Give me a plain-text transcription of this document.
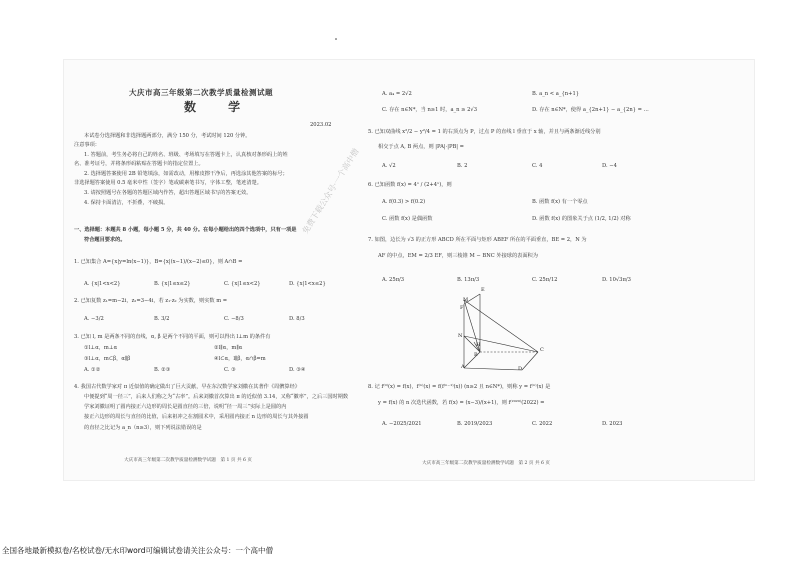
大庆市高三年级第二次教学质量检测试题
数 学
2023.02
本试卷分选择题和非选择题两部分，满分 150 分，考试时间 120 分钟。
注意事项：
1. 答题前，考生务必将自己的姓名、班级、考场填写在答题卡上，认真核对条形码上的姓
名、准考证号，并将条形码粘贴在答题卡的指定位置上。
2. 选择题答案使用 2B 铅笔填涂，如需改动，用橡皮擦干净后，再选涂其他答案的标号；
非选择题答案使用 0.5 毫米中性（签字）笔或碳素笔书写，字体工整，笔迹清楚。
3. 请按照题号在各题的答题区域内作答，超出答题区域书写的答案无效。
4. 保持卡面清洁，不折叠，不破损。
一、选择题：本题共 8 小题，每小题 5 分，共 40 分。在每小题给出的四个选项中，只有一项是
符合题目要求的。
1. 已知集合 A={x|y=ln(x−1)}，B={x|(x−1)/(x−2)≤0}，则 A∩B =
A. {x|1<x<2}	B. {x|1≤x≤2}	C. {x|1≤x<2}	D. {x|1<x≤2}
2. 已知复数 z₁=m−2i，z₂=3−4i，若 z₁·z₂ 为实数，则实数 m =
A. −3/2	B. 3/2	C. −8/3	D. 8/3
3. 已知 l, m 是两条不同的直线，α, β 是两个不同的平面，则可以得出 l⊥m 的条件有
①l⊥α，m⊥α	②l∥α，m∥α
③l⊥α，m⊂β，α∥β	④l⊂α，l∥β，α∩β=m
A. ①②	B. ②③	C. ③	D. ③④
4. 我国古代数学家对 π 近似值的确定做出了巨大贡献，早在东汉数学家刘徽在其著作《周髀算经》
中便提到“周一径三”，后来人们称之为“古率”。后来刘徽首次算出 π 的近似值 3.14，又称“徽率”，之后三国时期数
学家刘徽证明了圆内接正六边形的周长是圆直径的三倍，说明“径一周三”实际上是圆的内
接正六边形的周长与直径的比值，后来祖冲之在割圆术中，采用圆内接正 n 边形的周长与其外接圆
的直径之比记为 a_n（n≥3），则下列说法错误的是
大庆市高三年级第二次教学质量检测数学试题　第 1 页 共 6 页
A. a₄ = 2√2	B. a_n < a_{n+1}
C. 存在 n∈N*，当 n≥1 时，a_n ≥ 2√3	D. 存在 n∈N*，使得 a_{2n+1} − a_{2n} = …
5. 已知双曲线 x²/2 − y²/4 = 1 的右顶点为 P，过点 P 的直线 l 垂直于 x 轴，并且与两条渐近线分别
相交于点 A, B 两点，则 |PA|·|PB| =
A. √2	B. 2	C. 4	D. −4
6. 已知函数 f(x) = 4ˣ / (2+4ˣ)，则
A. f(0.3) > f(0.2)	B. 函数 f(x) 有一个零点
C. 函数 f(x) 是偶函数	D. 函数 f(x) 的图象关于点 (1/2, 1/2) 对称
7. 如图，边长为 √3 的正方形 ABCD 所在平面与矩形 ABEF 所在的平面垂直，BE = 2，N 为
AF 的中点，EM = 2/3 EF，则三棱锥 M − BNC 外接球的表面积为
A. 25π/3	B. 13π/3	C. 25π/12	D. 10√3π/3
8. 记 f⁽⁰⁾(x) = f(x)，f⁽ⁿ⁾(x) = f(f⁽ⁿ⁻¹⁾(x)) (n≥2 且 n∈N*)，则称 y = f⁽ⁿ⁾(x) 是
y = f(x) 的 n 次迭代函数，若 f(x) = (x−3)/(x+1)，则 f⁽²⁰²⁰⁾(2022) =
A. −2025/2021	B. 2019/2023	C. 2022	D. 2023
大庆市高三年级第二次教学质量检测数学试题　第 2 页 共 6 页
M
E
F
N
H
C
A	D
B
免费下载公众号·一个高中僧
全国各地最新模拟卷/名校试卷/无水印word可编辑试卷请关注公众号：一个高中僧
